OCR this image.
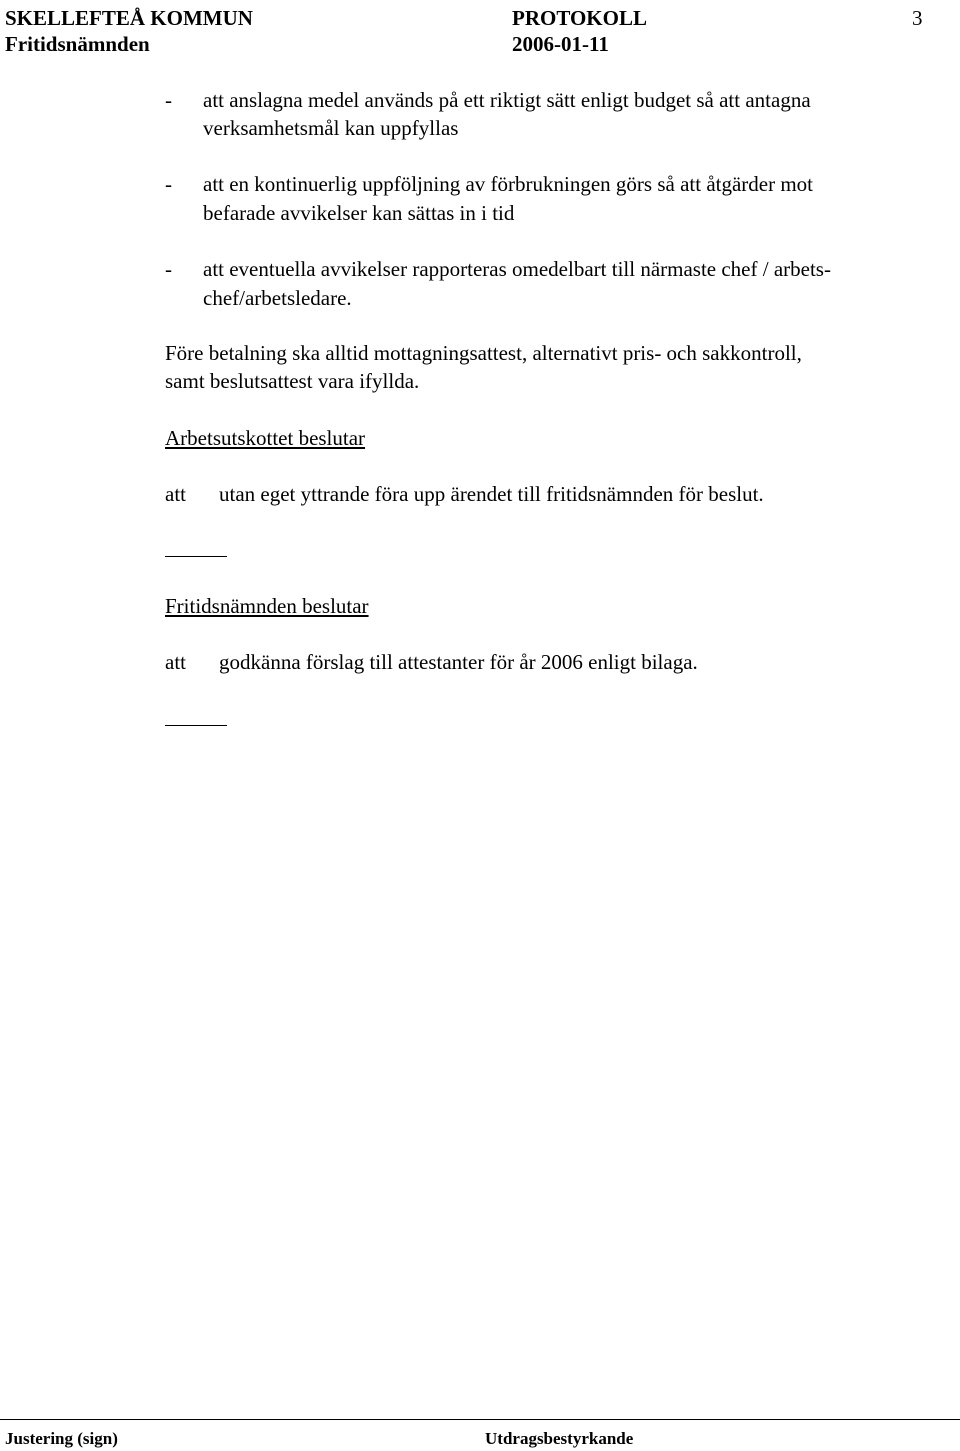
SKELLEFTEÅ KOMMUN	PROTOKOLL	3
Fritidsnämnden	2006-01-11
- att anslagna medel används på ett riktigt sätt enligt budget så att antagna
verksamhetsmål kan uppfyllas
- att en kontinuerlig uppföljning av förbrukningen görs så att åtgärder mot
befarade avvikelser kan sättas in i tid
- att eventuella avvikelser rapporteras omedelbart till närmaste chef / arbets-
chef/arbetsledare.
Före betalning ska alltid mottagningsattest, alternativt pris- och sakkontroll,
samt beslutsattest vara ifyllda.
Arbetsutskottet beslutar
att utan eget yttrande föra upp ärendet till fritidsnämnden för beslut.
Fritidsnämnden beslutar
att godkänna förslag till attestanter för år 2006 enligt bilaga.
Justering (sign)	Utdragsbestyrkande
